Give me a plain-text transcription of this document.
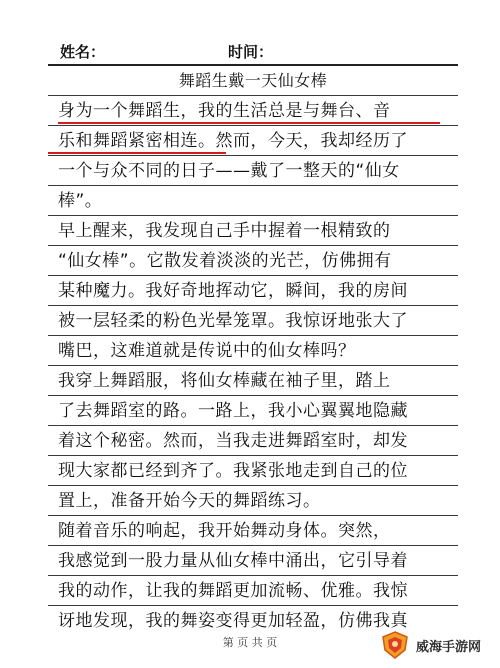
姓名：	时间：
舞蹈生戴一天仙女棒
身为一个舞蹈生，我的生活总是与舞台、音
乐和舞蹈紧密相连。然而，今天，我却经历了
一个与众不同的日子——戴了一整天的“仙女
棒”。
早上醒来，我发现自己手中握着一根精致的
“仙女棒”。它散发着淡淡的光芒，仿佛拥有
某种魔力。我好奇地挥动它，瞬间，我的房间
被一层轻柔的粉色光晕笼罩。我惊讶地张大了
嘴巴，这难道就是传说中的仙女棒吗？
我穿上舞蹈服，将仙女棒藏在袖子里，踏上
了去舞蹈室的路。一路上，我小心翼翼地隐藏
着这个秘密。然而，当我走进舞蹈室时，却发
现大家都已经到齐了。我紧张地走到自己的位
置上，准备开始今天的舞蹈练习。
随着音乐的响起，我开始舞动身体。突然，
我感觉到一股力量从仙女棒中涌出，它引导着
我的动作，让我的舞蹈更加流畅、优雅。我惊
讶地发现，我的舞姿变得更加轻盈，仿佛我真
第 页 共 页	威海手游网
